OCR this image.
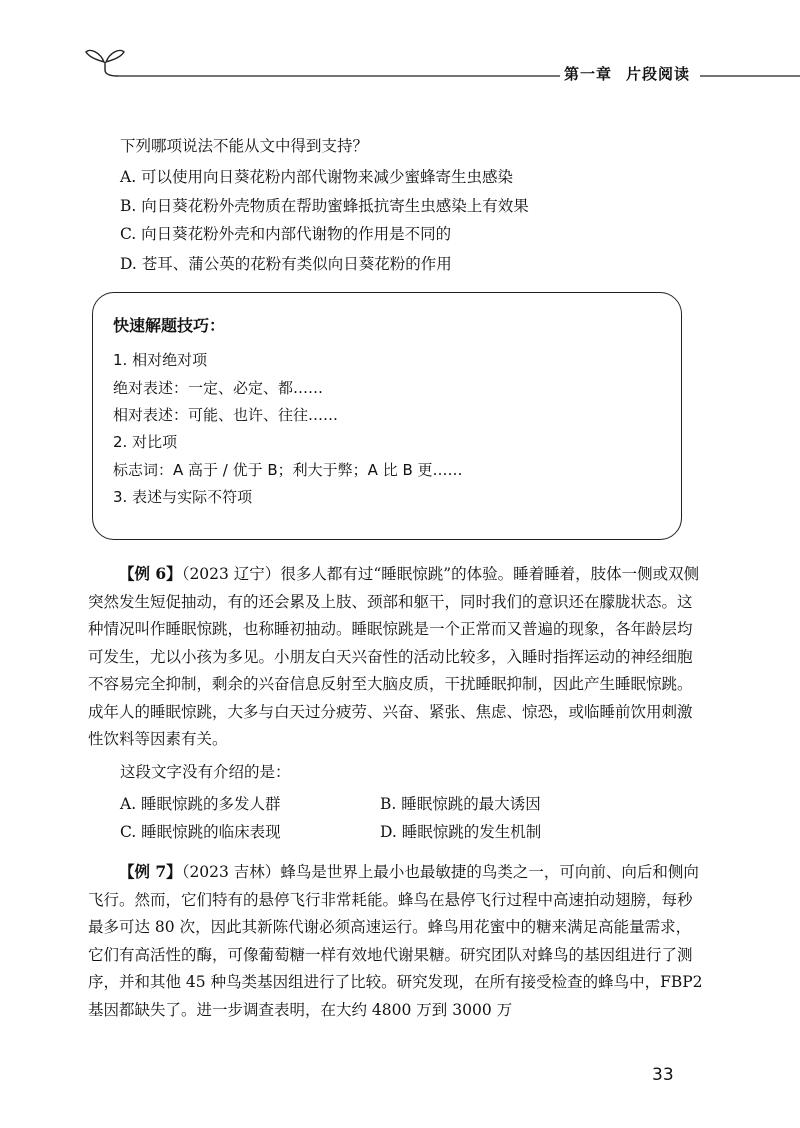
第一章 片段阅读
下列哪项说法不能从文中得到支持？
A. 可以使用向日葵花粉内部代谢物来减少蜜蜂寄生虫感染
B. 向日葵花粉外壳物质在帮助蜜蜂抵抗寄生虫感染上有效果
C. 向日葵花粉外壳和内部代谢物的作用是不同的
D. 苍耳、蒲公英的花粉有类似向日葵花粉的作用
快速解题技巧：
1. 相对绝对项
绝对表述：一定、必定、都……
相对表述：可能、也许、往往……
2. 对比项
标志词：A 高于 / 优于 B；利大于弊；A 比 B 更……
3. 表述与实际不符项
【例 6】（2023 辽宁）很多人都有过“睡眠惊跳”的体验。睡着睡着，肢体一侧或双侧突然发生短促抽动，有的还会累及上肢、颈部和躯干，同时我们的意识还在朦胧状态。这种情况叫作睡眠惊跳，也称睡初抽动。睡眠惊跳是一个正常而又普遍的现象，各年龄层均可发生，尤以小孩为多见。小朋友白天兴奋性的活动比较多，入睡时指挥运动的神经细胞不容易完全抑制，剩余的兴奋信息反射至大脑皮质，干扰睡眠抑制，因此产生睡眠惊跳。成年人的睡眠惊跳，大多与白天过分疲劳、兴奋、紧张、焦虑、惊恐，或临睡前饮用刺激性饮料等因素有关。
这段文字没有介绍的是：
A. 睡眠惊跳的多发人群	B. 睡眠惊跳的最大诱因
C. 睡眠惊跳的临床表现	D. 睡眠惊跳的发生机制
【例 7】（2023 吉林）蜂鸟是世界上最小也最敏捷的鸟类之一，可向前、向后和侧向飞行。然而，它们特有的悬停飞行非常耗能。蜂鸟在悬停飞行过程中高速拍动翅膀，每秒最多可达 80 次，因此其新陈代谢必须高速运行。蜂鸟用花蜜中的糖来满足高能量需求，它们有高活性的酶，可像葡萄糖一样有效地代谢果糖。研究团队对蜂鸟的基因组进行了测序，并和其他 45 种鸟类基因组进行了比较。研究发现，在所有接受检查的蜂鸟中，FBP2 基因都缺失了。进一步调查表明，在大约 4800 万到 3000 万
33
